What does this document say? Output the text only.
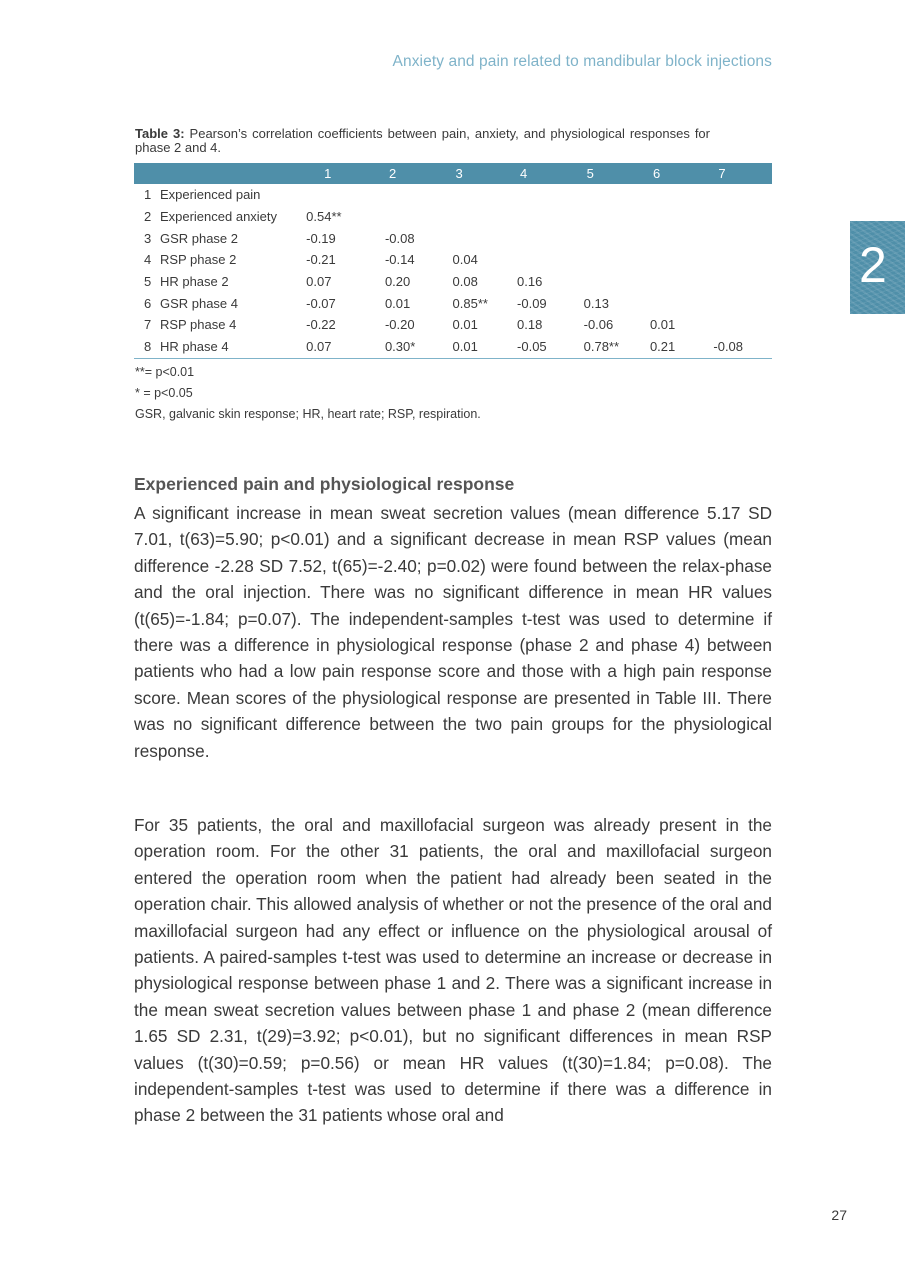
Anxiety and pain related to mandibular block injections
2
Table 3: Pearson’s correlation coefficients between pain, anxiety, and physiological responses for phase 2 and 4.
		1	2	3	4	5	6	7
1	Experienced pain							
2	Experienced anxiety	0.54**						
3	GSR phase 2	-0.19	-0.08					
4	RSP phase 2	-0.21	-0.14	0.04				
5	HR phase 2	0.07	0.20	0.08	0.16			
6	GSR phase 4	-0.07	0.01	0.85**	-0.09	0.13		
7	RSP phase 4	-0.22	-0.20	0.01	0.18	-0.06	0.01	
8	HR phase 4	0.07	0.30*	0.01	-0.05	0.78**	0.21	-0.08
**= p<0.01
* = p<0.05
GSR, galvanic skin response; HR, heart rate; RSP, respiration.
Experienced pain and physiological response

A significant increase in mean sweat secretion values (mean difference 5.17 SD 7.01, t(63)=5.90; p<0.01) and a significant decrease in mean RSP values (mean difference -2.28 SD 7.52, t(65)=-2.40; p=0.02) were found between the relax-phase and the oral injection. There was no significant difference in mean HR values (t(65)=-1.84; p=0.07). The independent-samples t-test was used to determine if there was a difference in physiological response (phase 2 and phase 4) between patients who had a low pain response score and those with a high pain response score. Mean scores of the physiological response are presented in Table III. There was no significant difference between the two pain groups for the physiological response.

For 35 patients, the oral and maxillofacial surgeon was already present in the operation room. For the other 31 patients, the oral and maxillofacial surgeon entered the operation room when the patient had already been seated in the operation chair. This allowed analysis of whether or not the presence of the oral and maxillofacial surgeon had any effect or influence on the physiological arousal of patients. A paired-samples t-test was used to determine an increase or decrease in physiological response between phase 1 and 2. There was a significant increase in the mean sweat secretion values between phase 1 and phase 2 (mean difference 1.65 SD 2.31, t(29)=3.92; p<0.01), but no significant differences in mean RSP values (t(30)=0.59; p=0.56) or mean HR values (t(30)=1.84; p=0.08). The independent-samples t-test was used to determine if there was a difference in phase 2 between the 31 patients whose oral and

27
